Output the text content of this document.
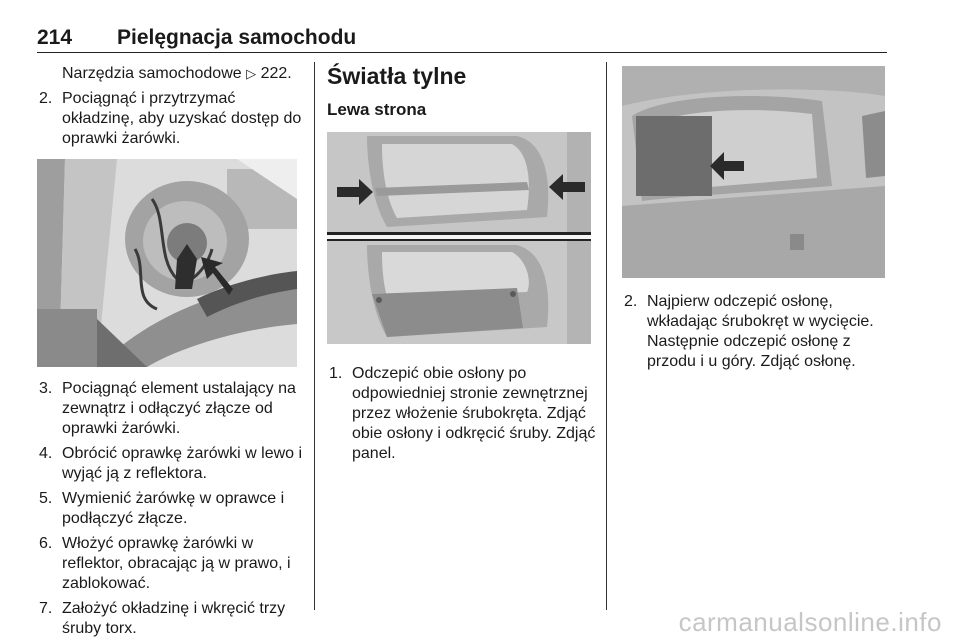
214 Pielęgnacja samochodu

Narzędzia samochodowe ▷ 222.

2. Pociągnąć i przytrzymać okładzinę, aby uzyskać dostęp do oprawki żarówki.
3. Pociągnąć element ustalający na zewnątrz i odłączyć złącze od oprawki żarówki.
4. Obrócić oprawkę żarówki w lewo i wyjąć ją z reflektora.
5. Wymienić żarówkę w oprawce i podłączyć złącze.
6. Włożyć oprawkę żarówki w reflektor, obracając ją w prawo, i zablokować.
7. Założyć okładzinę i wkręcić trzy śruby torx.
Światła tylne
Lewa strona
1. Odczepić obie osłony po odpowiedniej stronie zewnętrznej przez włożenie śrubokręta. Zdjąć obie osłony i odkręcić śruby. Zdjąć panel.
2. Najpierw odczepić osłonę, wkładając śrubokręt w wycięcie. Następnie odczepić osłonę z przodu i u góry. Zdjąć osłonę.
carmanualsonline.info
